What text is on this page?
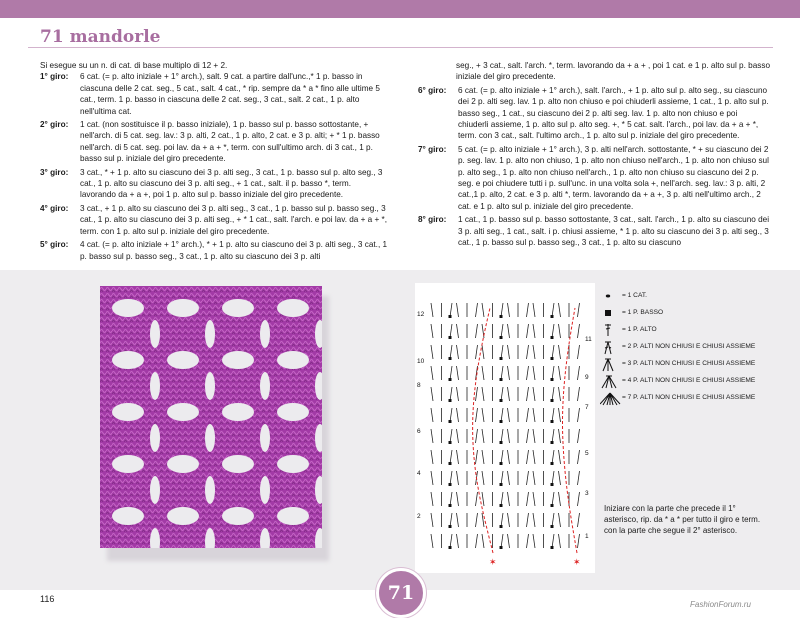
71 mandorle
Si esegue su un n. di cat. di base multiplo di 12 + 2.
1° giro:	6 cat. (= p. alto iniziale + 1° arch.), salt. 9 cat. a partire dall'unc.,* 1 p. basso in ciascuna delle 2 cat. seg., 5 cat., salt. 4 cat., * rip. sempre da * a * fino alle ultime 5 cat., term. 1 p. basso in ciascuna delle 2 cat. seg., 3 cat., salt. 2 cat., 1 p. alto nell'ultima cat.
2° giro:	1 cat. (non sostituisce il p. basso iniziale), 1 p. basso sul p. basso sottostante, + nell'arch. di 5 cat. seg. lav.: 3 p. alti, 2 cat., 1 p. alto, 2 cat. e 3 p. alti; + * 1 p. basso nell'arch. di 5 cat. seg. poi lav. da + a + *, term. con sull'ultimo arch. di 3 cat., 1 p. basso sul p. iniziale del giro precedente.
3° giro:	3 cat., * + 1 p. alto su ciascuno dei 3 p. alti seg., 3 cat., 1 p. basso sul p. alto seg., 3 cat., 1 p. alto su ciascuno dei 3 p. alti seg., + 1 cat., salt. il p. basso *, term. lavorando da + a +, poi 1 p. alto sul p. basso iniziale del giro precedente.
4° giro:	3 cat., + 1 p. alto su ciascuno dei 3 p. alti seg., 3 cat., 1 p. basso sul p. basso seg., 3 cat., 1 p. alto su ciascuno dei 3 p. alti seg., + * 1 cat., salt. l'arch. e poi lav. da + a + *, term. con 1 p. alto sul p. iniziale del giro precedente.
5° giro:	4 cat. (= p. alto iniziale + 1° arch.), * + 1 p. alto su ciascuno dei 3 p. alti seg., 3 cat., 1 p. basso sul p. basso seg., 3 cat., 1 p. alto su ciascuno dei 3 p. alti
seg., + 3 cat., salt. l'arch. *, term. lavorando da + a + , poi 1 cat. e 1 p. alto sul p. basso iniziale del giro precedente.
6° giro:	6 cat. (= p. alto iniziale + 1° arch.), salt. l'arch., + 1 p. alto sul p. alto seg., su ciascuno dei 2 p. alti seg. lav. 1 p. alto non chiuso e poi chiuderli assieme, 1 cat., 1 p. alto sul p. basso seg., 1 cat., su ciascuno dei 2 p. alti seg. lav. 1 p. alto non chiuso e poi chiuderli assieme, 1 p. alto sul p. alto seg. +, * 5 cat. salt. l'arch., poi lav. da + a + *, term. con 3 cat., salt. l'ultimo arch., 1 p. alto sul p. iniziale del giro precedente.
7° giro:	5 cat. (= p. alto iniziale + 1° arch.), 3 p. alti nell'arch. sottostante, * + su ciascuno dei 2 p. seg. lav. 1 p. alto non chiuso, 1 p. alto non chiuso nell'arch., 1 p. alto non chiuso sul p. alto seg., 1 p. alto non chiuso nell'arch., 1 p. alto non chiuso su ciascuno dei 2 p. seg. e poi chiudere tutti i p. sull'unc. in una volta sola +, nell'arch. seg. lav.: 3 p. alti, 2 cat.,1 p. alto, 2 cat. e 3 p. alti *, term. lavorando da + a +, 3 p. alti nell'ultimo arch., 2 cat. e 1 p. alto sul p. iniziale del giro precedente.
8° giro:	1 cat., 1 p. basso sul p. basso sottostante, 3 cat., salt. l'arch., 1 p. alto su ciascuno dei 3 p. alti seg., 1 cat., salt. i p. chiusi assieme, * 1 p. alto su ciascuno dei 3 p. alti seg., 3 cat., 1 p. basso sul p. basso seg., 3 cat., 1 p. alto su ciascuno
✶	✶
12
10
8
6
4
2
11
9
7
5
3
1
= 1 CAT.
= 1 P. BASSO
= 1 P. ALTO
= 2 P. ALTI NON CHIUSI E CHIUSI ASSIEME
= 3 P. ALTI NON CHIUSI E CHIUSI ASSIEME
= 4 P. ALTI NON CHIUSI E CHIUSI ASSIEME
= 7 P. ALTI NON CHIUSI E CHIUSI ASSIEME
Iniziare con la parte che precede il 1° asterisco, rip. da * a * per tutto il giro e term. con la parte che segue il 2° asterisco.
71
116
FashionForum.ru
